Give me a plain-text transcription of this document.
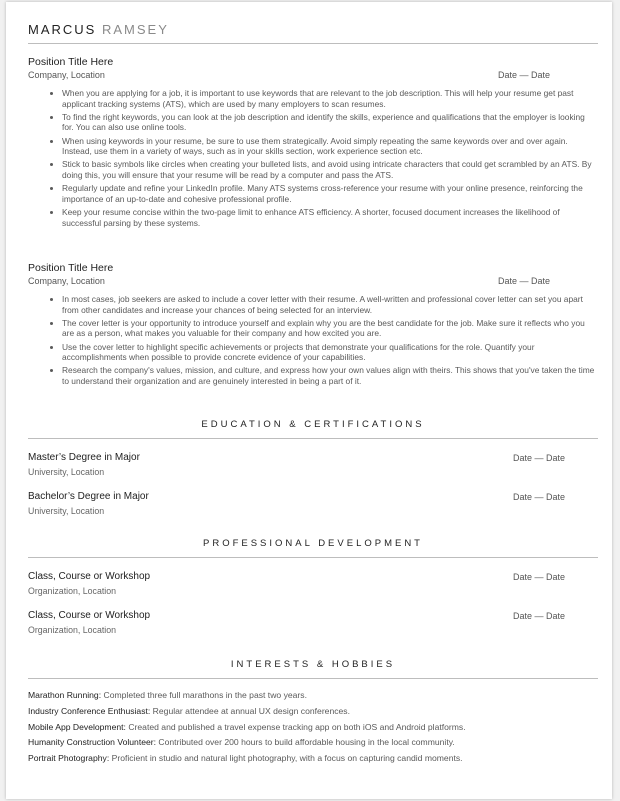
MARCUS RAMSEY
Position Title Here
Company, Location	Date — Date
• When you are applying for a job, it is important to use keywords that are relevant to the job description. This will help your resume get past applicant tracking systems (ATS), which are used by many employers to scan resumes.
• To find the right keywords, you can look at the job description and identify the skills, experience and qualifications that the employer is looking for. You can also use online tools.
• When using keywords in your resume, be sure to use them strategically. Avoid simply repeating the same keywords over and over again. Instead, use them in a variety of ways, such as in your skills section, work experience section etc.
• Stick to basic symbols like circles when creating your bulleted lists, and avoid using intricate characters that could get scrambled by an ATS. By doing this, you will ensure that your resume will be read by a computer and pass the ATS.
• Regularly update and refine your LinkedIn profile. Many ATS systems cross-reference your resume with your online presence, reinforcing the importance of an up-to-date and cohesive professional profile.
• Keep your resume concise within the two-page limit to enhance ATS efficiency. A shorter, focused document increases the likelihood of successful parsing by these systems.
Position Title Here
Company, Location	Date — Date
• In most cases, job seekers are asked to include a cover letter with their resume. A well-written and professional cover letter can set you apart from other candidates and increase your chances of being selected for an interview.
• The cover letter is your opportunity to introduce yourself and explain why you are the best candidate for the job. Make sure it reflects who you are as a person, what makes you valuable for their company and how excited you are.
• Use the cover letter to highlight specific achievements or projects that demonstrate your qualifications for the role. Quantify your accomplishments when possible to provide concrete evidence of your capabilities.
• Research the company's values, mission, and culture, and express how your own values align with theirs. This shows that you've taken the time to understand their organization and are genuinely interested in being a part of it.
EDUCATION & CERTIFICATIONS
Master’s Degree in Major
University, Location
Date — Date
Bachelor’s Degree in Major
University, Location
Date — Date
PROFESSIONAL DEVELOPMENT
Class, Course or Workshop
Organization, Location
Date — Date
Class, Course or Workshop
Organization, Location
Date — Date
INTERESTS & HOBBIES
Marathon Running: Completed three full marathons in the past two years.
Industry Conference Enthusiast: Regular attendee at annual UX design conferences.
Mobile App Development: Created and published a travel expense tracking app on both iOS and Android platforms.
Humanity Construction Volunteer: Contributed over 200 hours to build affordable housing in the local community.
Portrait Photography: Proficient in studio and natural light photography, with a focus on capturing candid moments.
